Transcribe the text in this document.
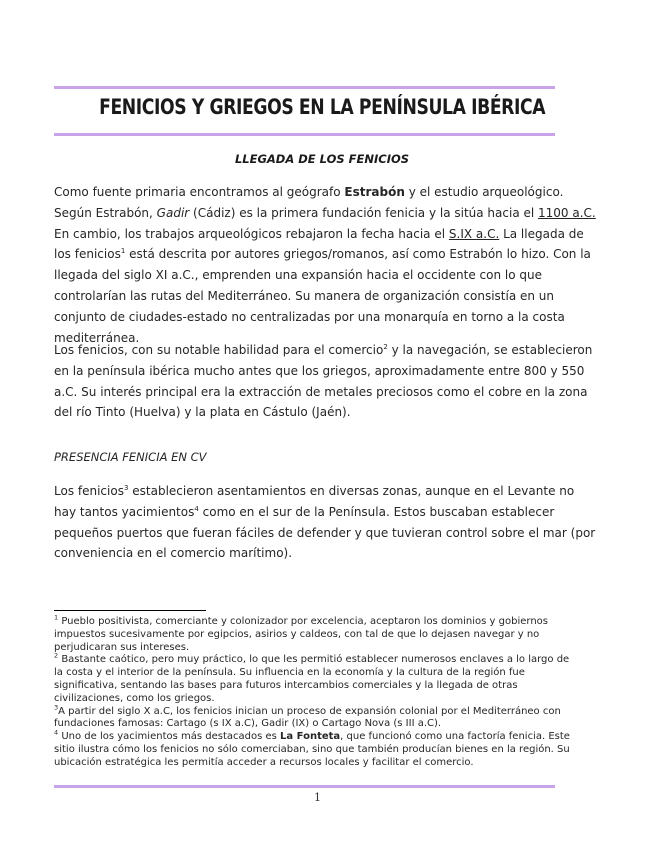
FENICIOS Y GRIEGOS EN LA PENÍNSULA IBÉRICA
LLEGADA DE LOS FENICIOS
Como fuente primaria encontramos al geógrafo Estrabón y el estudio arqueológico. Según Estrabón, Gadir (Cádiz) es la primera fundación fenicia y la sitúa hacia el 1100 a.C. En cambio, los trabajos arqueológicos rebajaron la fecha hacia el S.IX a.C. La llegada de los fenicios$^1$ está descrita por autores griegos/romanos, así como Estrabón lo hizo. Con la llegada del siglo XI a.C., emprenden una expansión hacia el occidente con lo que controlarían las rutas del Mediterráneo. Su manera de organización consistía en un conjunto de ciudades-estado no centralizadas por una monarquía en torno a la costa mediterránea.
Los fenicios, con su notable habilidad para el comercio$^2$ y la navegación, se establecieron en la península ibérica mucho antes que los griegos, aproximadamente entre 800 y 550 a.C. Su interés principal era la extracción de metales preciosos como el cobre en la zona del río Tinto (Huelva) y la plata en Cástulo (Jaén).
PRESENCIA FENICIA EN CV
Los fenicios$^3$ establecieron asentamientos en diversas zonas, aunque en el Levante no hay tantos yacimientos$^4$ como en el sur de la Península. Estos buscaban establecer pequeños puertos que fueran fáciles de defender y que tuvieran control sobre el mar (por conveniencia en el comercio marítimo).

$^1$ Pueblo positivista, comerciante y colonizador por excelencia, aceptaron los dominios y gobiernos impuestos sucesivamente por egipcios, asirios y caldeos, con tal de que lo dejasen navegar y no perjudicaran sus intereses.

$^2$ Bastante caótico, pero muy práctico, lo que les permitió establecer numerosos enclaves a lo largo de la costa y el interior de la península. Su influencia en la economía y la cultura de la región fue significativa, sentando las bases para futuros intercambios comerciales y la llegada de otras civilizaciones, como los griegos.

$^3$A partir del siglo X a.C, los fenicios inician un proceso de expansión colonial por el Mediterráneo con fundaciones famosas: Cartago (s IX a.C), Gadir (IX) o Cartago Nova (s III a.C).

$^4$ Uno de los yacimientos más destacados es La Fonteta, que funcionó como una factoría fenicia. Este sitio ilustra cómo los fenicios no sólo comerciaban, sino que también producían bienes en la región. Su ubicación estratégica les permitía acceder a recursos locales y facilitar el comercio.

1
